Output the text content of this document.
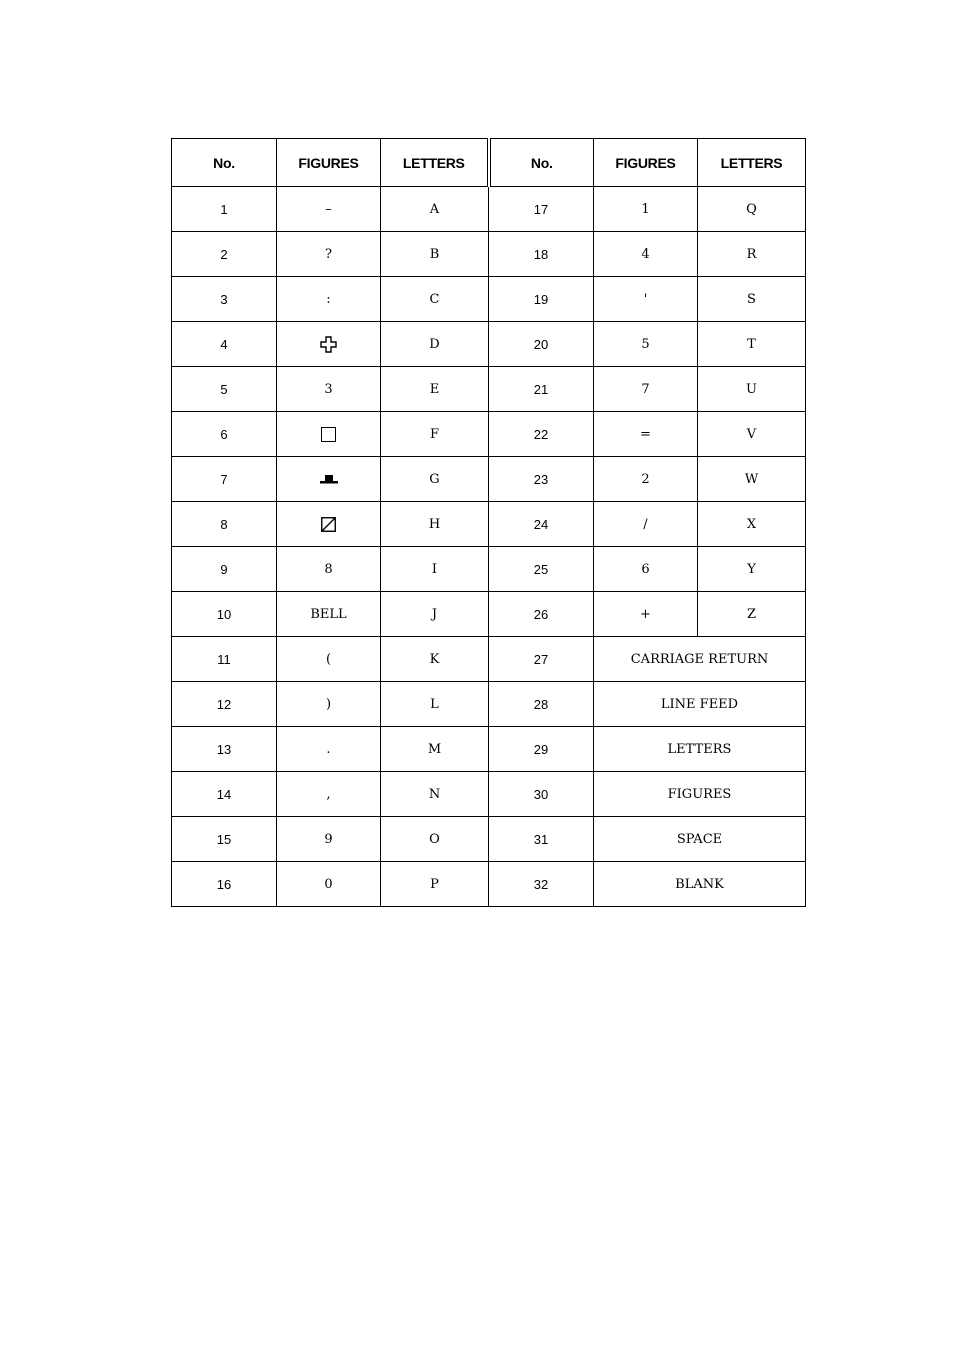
No.	FIGURES	LETTERS	No.	FIGURES	LETTERS
1	–	A	17	1	Q
2	?	B	18	4	R
3	:	C	19	'	S
4		D	20	5	T
5	3	E	21	7	U
6		F	22	=	V
7		G	23	2	W
8		H	24	/	X
9	8	I	25	6	Y
10	BELL	J	26	+	Z
11	(	K	27	CARRIAGE RETURN	
12	)	L	28	LINE FEED	
13	.	M	29	LETTERS	
14	,	N	30	FIGURES	
15	9	O	31	SPACE	
16	0	P	32	BLANK	
